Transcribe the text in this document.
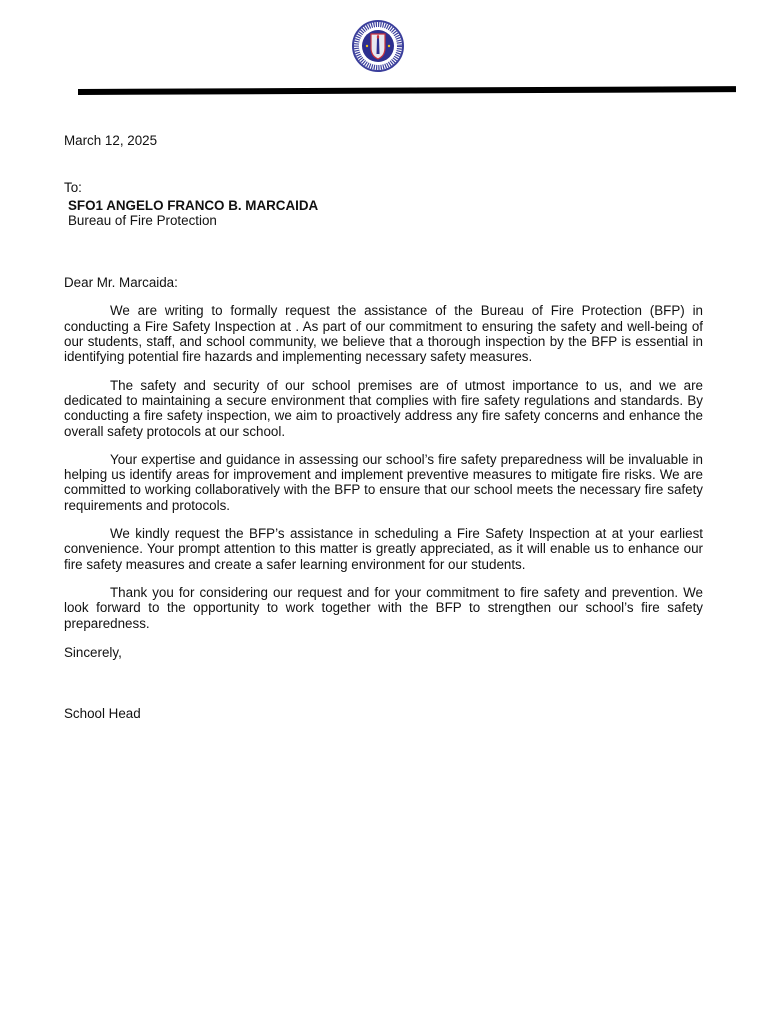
March 12, 2025

To:

SFO1 ANGELO FRANCO B. MARCAIDA

Bureau of Fire Protection

Dear Mr. Marcaida:

We are writing to formally request the assistance of the Bureau of Fire Protection (BFP) in conducting a Fire Safety Inspection at . As part of our commitment to ensuring the safety and well-being of our students, staff, and school community, we believe that a thorough inspection by the BFP is essential in identifying potential fire hazards and implementing necessary safety measures.

The safety and security of our school premises are of utmost importance to us, and we are dedicated to maintaining a secure environment that complies with fire safety regulations and standards. By conducting a fire safety inspection, we aim to proactively address any fire safety concerns and enhance the overall safety protocols at our school.

Your expertise and guidance in assessing our school’s fire safety preparedness will be invaluable in helping us identify areas for improvement and implement preventive measures to mitigate fire risks. We are committed to working collaboratively with the BFP to ensure that our school meets the necessary fire safety requirements and protocols.

We kindly request the BFP’s assistance in scheduling a Fire Safety Inspection at at your earliest convenience. Your prompt attention to this matter is greatly appreciated, as it will enable us to enhance our fire safety measures and create a safer learning environment for our students.

Thank you for considering our request and for your commitment to fire safety and prevention. We look forward to the opportunity to work together with the BFP to strengthen our school’s fire safety preparedness.

Sincerely,

School Head
